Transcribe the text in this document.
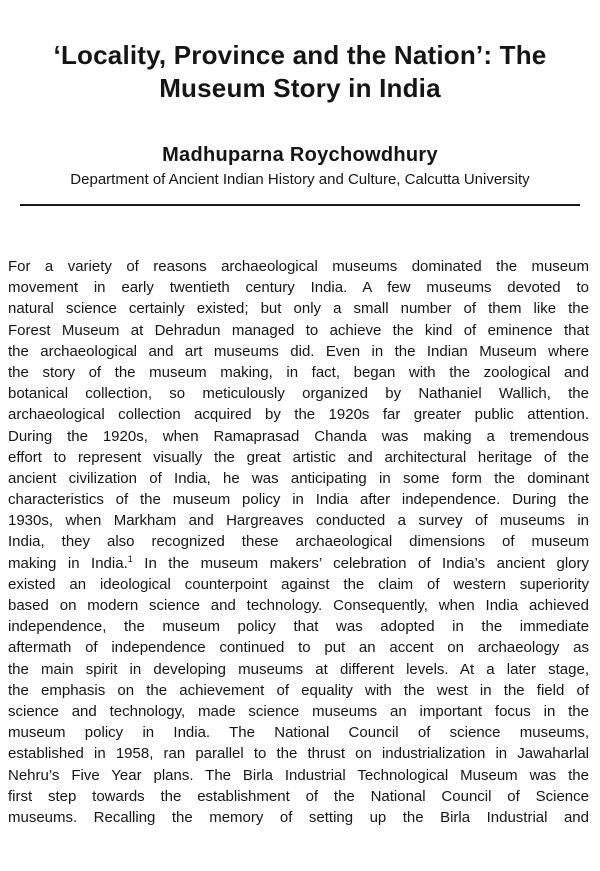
‘Locality, Province and the Nation’: The
Museum Story in India
Madhuparna Roychowdhury
Department of Ancient Indian History and Culture, Calcutta University
For a variety of reasons archaeological museums dominated the museum
movement in early twentieth century India. A few museums devoted to
natural science certainly existed; but only a small number of them like the
Forest Museum at Dehradun managed to achieve the kind of eminence that
the archaeological and art museums did. Even in the Indian Museum where
the story of the museum making, in fact, began with the zoological and
botanical collection, so meticulously organized by Nathaniel Wallich, the
archaeological collection acquired by the 1920s far greater public attention.
During the 1920s, when Ramaprasad Chanda was making a tremendous
effort to represent visually the great artistic and architectural heritage of the
ancient civilization of India, he was anticipating in some form the dominant
characteristics of the museum policy in India after independence. During the
1930s, when Markham and Hargreaves conducted a survey of museums in
India, they also recognized these archaeological dimensions of museum
making in India.$^1$ In the museum makers’ celebration of India’s ancient glory
existed an ideological counterpoint against the claim of western superiority
based on modern science and technology. Consequently, when India achieved
independence, the museum policy that was adopted in the immediate
aftermath of independence continued to put an accent on archaeology as
the main spirit in developing museums at different levels. At a later stage,
the emphasis on the achievement of equality with the west in the field of
science and technology, made science museums an important focus in the
museum policy in India. The National Council of science museums,
established in 1958, ran parallel to the thrust on industrialization in Jawaharlal
Nehru’s Five Year plans. The Birla Industrial Technological Museum was the
first step towards the establishment of the National Council of Science
museums. Recalling the memory of setting up the Birla Industrial and
